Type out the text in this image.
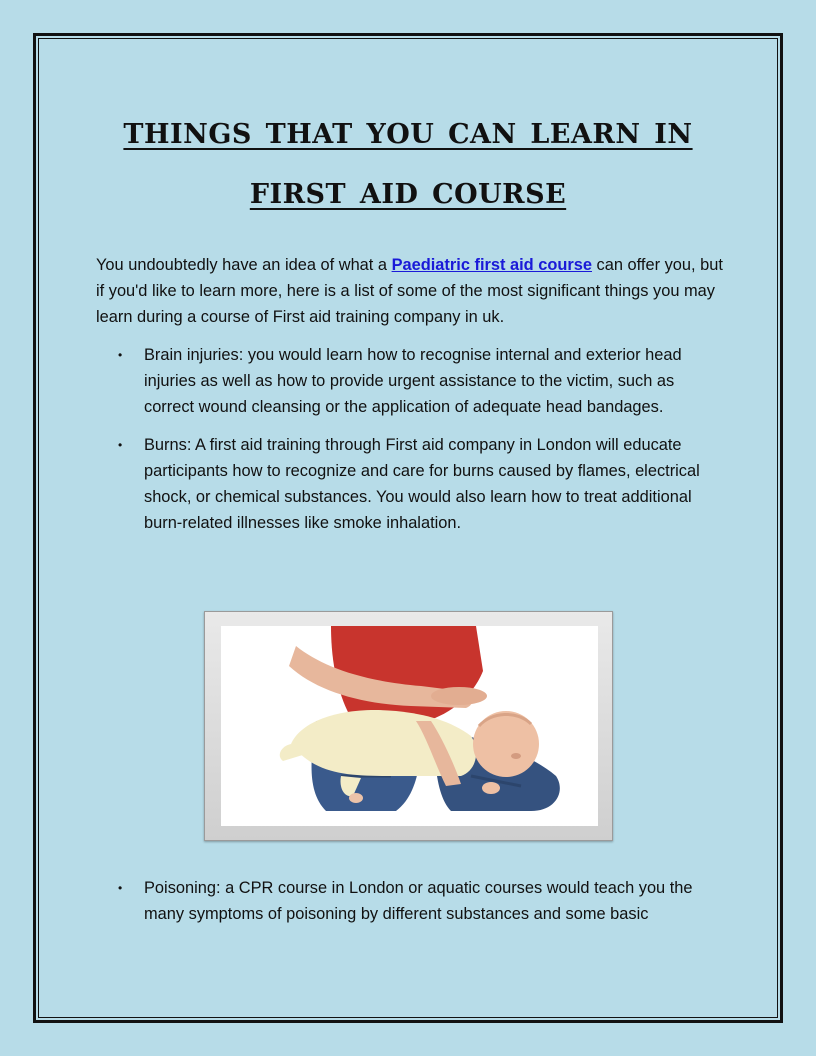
things that you can learn in
first aid course

You undoubtedly have an idea of what a Paediatric first aid course can offer you, but if you'd like to learn more, here is a list of some of the most significant things you may learn during a course of First aid training company in uk.

• Brain injuries: you would learn how to recognise internal and exterior head injuries as well as how to provide urgent assistance to the victim, such as correct wound cleansing or the application of adequate head bandages.
• Burns: A first aid training through First aid company in London will educate participants how to recognize and care for burns caused by flames, electrical shock, or chemical substances. You would also learn how to treat additional burn-related illnesses like smoke inhalation.
• Poisoning: a CPR course in London or aquatic courses would teach you the many symptoms of poisoning by different substances and some basic
